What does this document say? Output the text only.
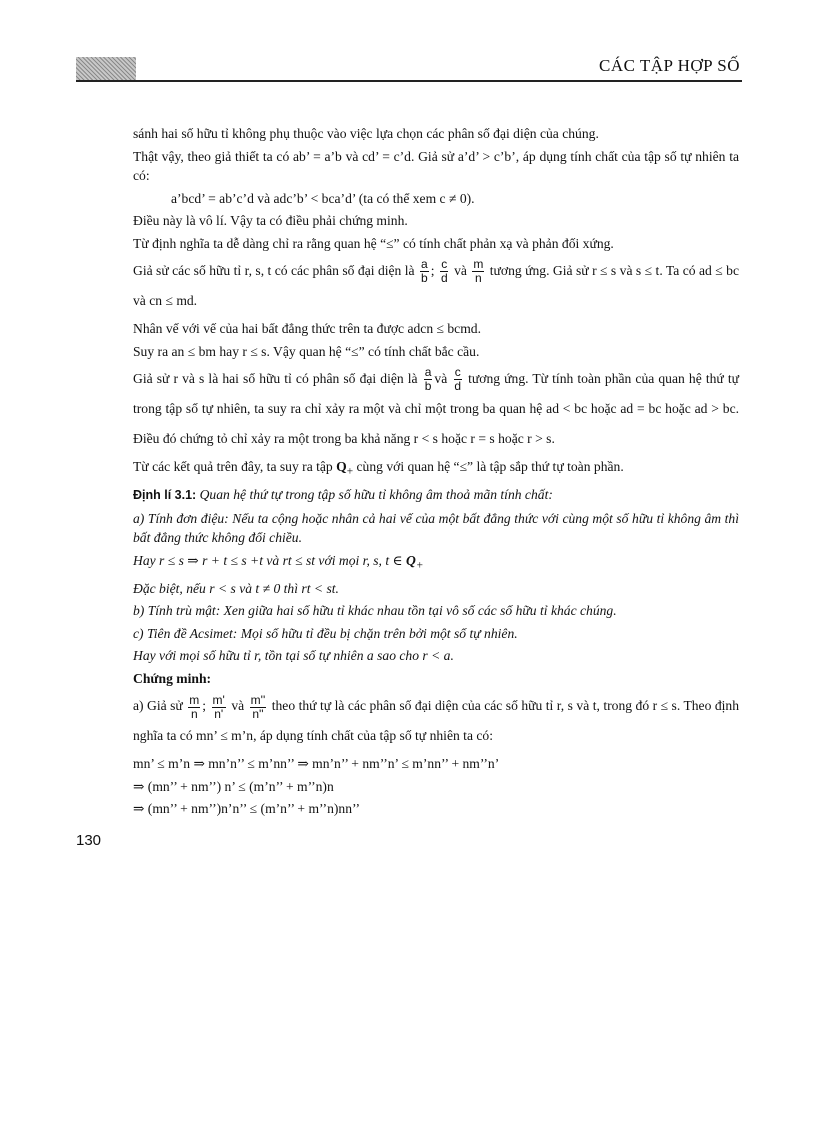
CÁC TẬP HỢP SỐ

sánh hai số hữu tỉ không phụ thuộc vào việc lựa chọn các phân số đại diện của chúng.

Thật vậy, theo giả thiết ta có ab’ = a’b và cd’ = c’d. Giả sử a’d’ > c’b’, áp dụng tính chất của tập số tự nhiên ta có:

a’bcd’ = ab’c’d và adc’b’ < bca’d’ (ta có thể xem c ≠ 0).

Điều này là vô lí. Vậy ta có điều phải chứng minh.

Từ định nghĩa ta dễ dàng chỉ ra rằng quan hệ “≤” có tính chất phản xạ và phản đối xứng.

Giả sử các số hữu tỉ r, s, t có các phân số đại diện là $\frac{a}{b}$ ; $\frac{c}{d}$ và $\frac{m}{n}$ tương ứng. Giả sử r ≤ s và s ≤ t. Ta có ad ≤ bc và cn ≤ md.

Nhân vế với vế của hai bất đẳng thức trên ta được adcn ≤ bcmd.

Suy ra an ≤ bm hay r ≤ s. Vậy quan hệ “≤” có tính chất bắc cầu.

Giả sử r và s là hai số hữu tỉ có phân số đại diện là $\frac{a}{b}$ và $\frac{c}{d}$ tương ứng. Từ tính toàn phần của quan hệ thứ tự trong tập số tự nhiên, ta suy ra chỉ xảy ra một và chỉ một trong ba quan hệ ad < bc hoặc ad = bc hoặc ad > bc. Điều đó chứng tỏ chỉ xảy ra một trong ba khả năng r < s hoặc r = s hoặc r > s.

Từ các kết quả trên đây, ta suy ra tập $Q_+$ cùng với quan hệ “≤” là tập sắp thứ tự toàn phần.

Định lí 3.1: Quan hệ thứ tự trong tập số hữu tỉ không âm thoả mãn tính chất:

a) Tính đơn điệu: Nếu ta cộng hoặc nhân cả hai vế của một bất đẳng thức với cùng một số hữu tỉ không âm thì bất đẳng thức không đổi chiều.

Hay r ≤ s ⇒ r + t ≤ s +t và rt ≤ st với mọi r, s, t ∈ $Q_+$

Đặc biệt, nếu r < s và t ≠ 0 thì rt < st.

b) Tính trù mật: Xen giữa hai số hữu tỉ khác nhau tồn tại vô số các số hữu tỉ khác chúng.

c) Tiên đề Acsimet: Mọi số hữu tỉ đều bị chặn trên bởi một số tự nhiên.

Hay với mọi số hữu tỉ r, tồn tại số tự nhiên a sao cho r < a.

Chứng minh:

a) Giả sử $\frac{m}{n}$ ; $\frac{m'}{n'}$ và $\frac{m''}{n''}$ theo thứ tự là các phân số đại diện của các số hữu tỉ r, s và t, trong đó r ≤ s. Theo định nghĩa ta có mn’ ≤ m’n, áp dụng tính chất của tập số tự nhiên ta có:

mn’ ≤ m’n ⇒ mn’n’’ ≤ m’nn’’ ⇒ mn’n’’ + nm’’n’ ≤ m’nn’’ + nm’’n’

⇒ (mn’’ + nm’’) n’ ≤ (m’n’’ + m’’n)n

⇒ (mn’’ + nm’’)n’n’’ ≤ (m’n’’ + m’’n)nn’’

130
